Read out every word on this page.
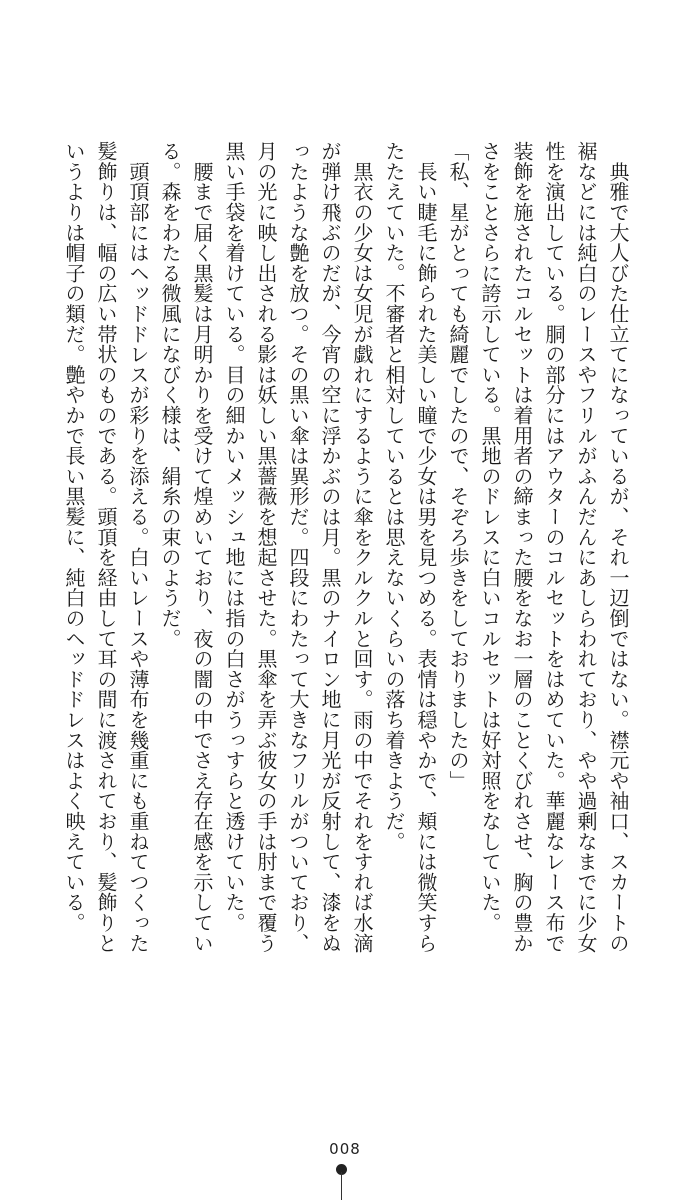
　典雅で大人びた仕立てになっているが、それ一辺倒ではない。襟元や袖口、スカートの
裾などには純白のレースやフリルがふんだんにあしらわれており、やや過剰なまでに少女
性を演出している。胴の部分にはアウターのコルセットをはめていた。華麗なレース布で
装飾を施されたコルセットは着用者の締まった腰をなお一層のことくびれさせ、胸の豊か
さをことさらに誇示している。黒地のドレスに白いコルセットは好対照をなしていた。
「私、星がとっても綺麗でしたので、そぞろ歩きをしておりましたの」
　長い睫毛に飾られた美しい瞳で少女は男を見つめる。表情は穏やかで、頬には微笑すら
たたえていた。不審者と相対しているとは思えないくらいの落ち着きようだ。
　黒衣の少女は女児が戯れにするように傘をクルクルと回す。雨の中でそれをすれば水滴
が弾け飛ぶのだが、今宵の空に浮かぶのは月。黒のナイロン地に月光が反射して、漆をぬ
ったような艶を放つ。その黒い傘は異形だ。四段にわたって大きなフリルがついており、
月の光に映し出される影は妖しい黒薔薇を想起させた。黒傘を弄ぶ彼女の手は肘まで覆う
黒い手袋を着けている。目の細かいメッシュ地には指の白さがうっすらと透けていた。
　腰まで届く黒髪は月明かりを受けて煌めいており、夜の闇の中でさえ存在感を示してい
る。森をわたる微風になびく様は、絹糸の束のようだ。
　頭頂部にはヘッドドレスが彩りを添える。白いレースや薄布を幾重にも重ねてつくった
髪飾りは、幅の広い帯状のものである。頭頂を経由して耳の間に渡されており、髪飾りと
いうよりは帽子の類だ。艶やかで長い黒髪に、純白のヘッドドレスはよく映えている。
008
